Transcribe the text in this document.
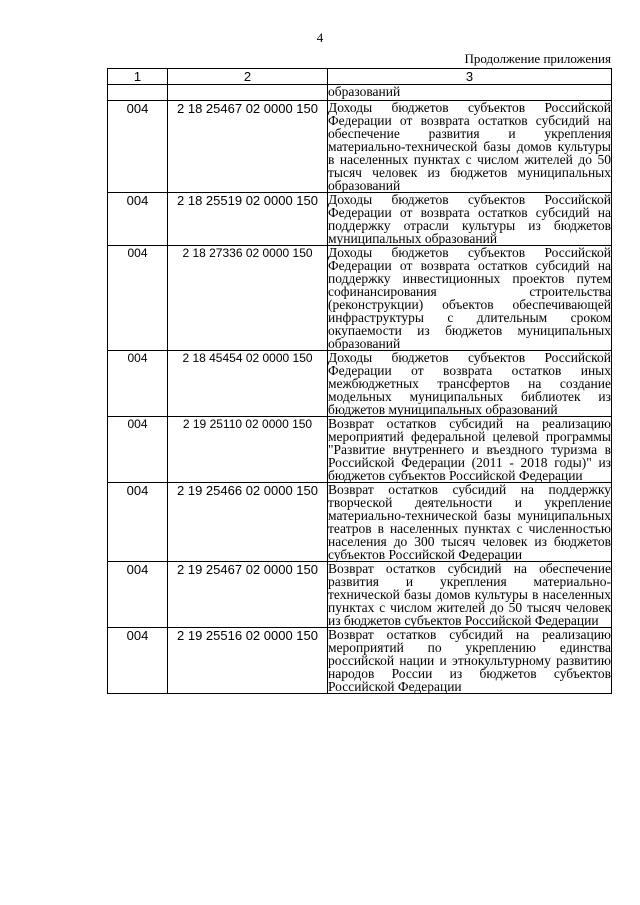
4
Продолжение приложения
1	2	3
		образований
004	2 18 25467 02 0000 150	Доходы бюджетов субъектов Российской Федерации от возврата остатков субсидий на обеспечение развития и укрепления материально-технической базы домов культуры в населенных пунктах с числом жителей до 50 тысяч человек из бюджетов муниципальных образований
004	2 18 25519 02 0000 150	Доходы бюджетов субъектов Российской Федерации от возврата остатков субсидий на поддержку отрасли культуры из бюджетов муниципальных образований
004	2 18 27336 02 0000 150	Доходы бюджетов субъектов Российской Федерации от возврата остатков субсидий на поддержку инвестиционных проектов путем софинансирования строительства (реконструкции) объектов обеспечивающей инфраструктуры с длительным сроком окупаемости из бюджетов муниципальных образований
004	2 18 45454 02 0000 150	Доходы бюджетов субъектов Российской Федерации от возврата остатков иных межбюджетных трансфертов на создание модельных муниципальных библиотек из бюджетов муниципальных образований
004	2 19 25110 02 0000 150	Возврат остатков субсидий на реализацию мероприятий федеральной целевой программы "Развитие внутреннего и въездного туризма в Российской Федерации (2011 - 2018 годы)" из бюджетов субъектов Российской Федерации
004	2 19 25466 02 0000 150	Возврат остатков субсидий на поддержку творческой деятельности и укрепление материально-технической базы муниципальных театров в населенных пунктах с численностью населения до 300 тысяч человек из бюджетов субъектов Российской Федерации
004	2 19 25467 02 0000 150	Возврат остатков субсидий на обеспечение развития и укрепления материально-технической базы домов культуры в населенных пунктах с числом жителей до 50 тысяч человек из бюджетов субъектов Российской Федерации
004	2 19 25516 02 0000 150	Возврат остатков субсидий на реализацию мероприятий по укреплению единства российской нации и этнокультурному развитию народов России из бюджетов субъектов Российской Федерации
